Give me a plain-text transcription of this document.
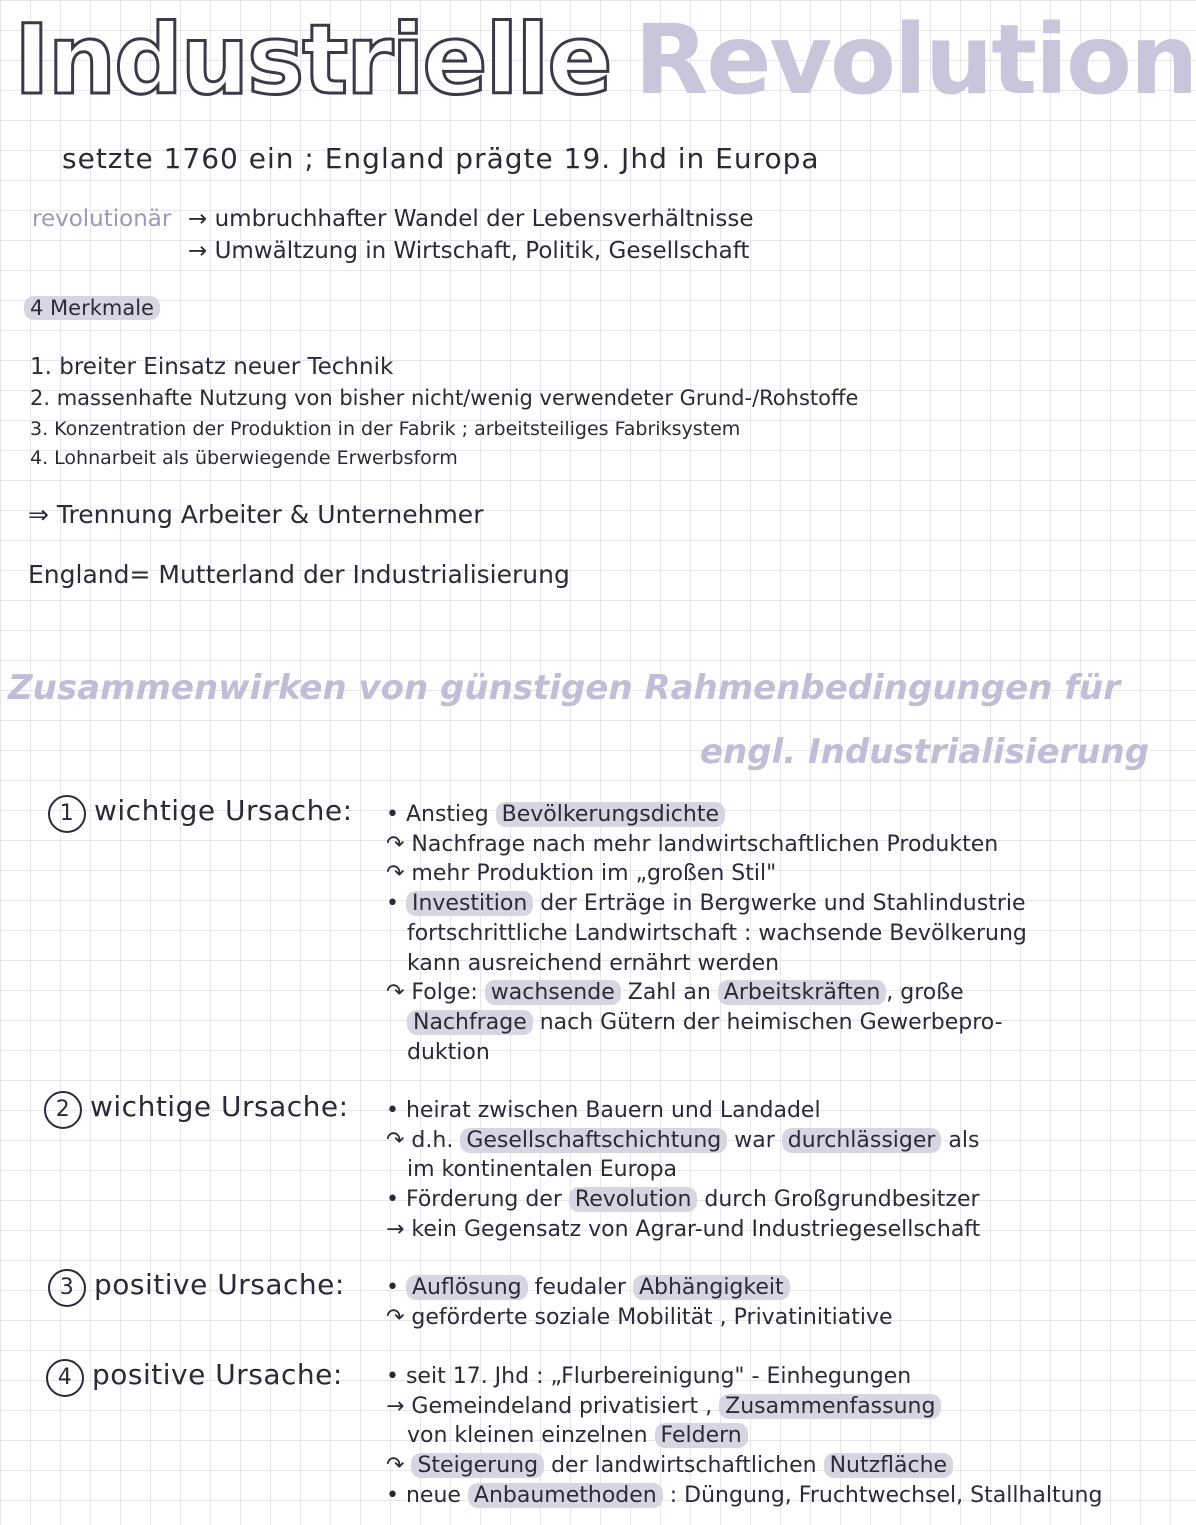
Industrielle Revolution
setzte 1760 ein ; England prägte 19. Jhd in Europa
revolutionär → umbruchhafter Wandel der Lebensverhältnisse
→ Umwältzung in Wirtschaft, Politik, Gesellschaft
4 Merkmale
1. breiter Einsatz neuer Technik
2. massenhafte Nutzung von bisher nicht/wenig verwendeter Grund-/Rohstoffe
3. Konzentration der Produktion in der Fabrik ; arbeitsteiliges Fabriksystem
4. Lohnarbeit als überwiegende Erwerbsform
⇒ Trennung Arbeiter & Unternehmer
England= Mutterland der Industrialisierung
Zusammenwirken von günstigen Rahmenbedingungen für
engl. Industrialisierung
1 wichtige Ursache: • Anstieg Bevölkerungsdichte
↷ Nachfrage nach mehr landwirtschaftlichen Produkten
↷ mehr Produktion im „großen Stil"
• Investition der Erträge in Bergwerke und Stahlindustrie
fortschrittliche Landwirtschaft : wachsende Bevölkerung
kann ausreichend ernährt werden
↷ Folge: wachsende Zahl an Arbeitskräften , große
Nachfrage nach Gütern der heimischen Gewerbepro-
duktion
2 wichtige Ursache: • heirat zwischen Bauern und Landadel
↷ d.h. Gesellschaftschichtung war durchlässiger als
im kontinentalen Europa
• Förderung der Revolution durch Großgrundbesitzer
→ kein Gegensatz von Agrar-und Industriegesellschaft
3 positive Ursache: • Auflösung feudaler Abhängigkeit
↷ geförderte soziale Mobilität , Privatinitiative
4 positive Ursache: • seit 17. Jhd : „Flurbereinigung" - Einhegungen
→ Gemeindeland privatisiert , Zusammenfassung
von kleinen einzelnen Feldern
↷ Steigerung der landwirtschaftlichen Nutzfläche
• neue Anbaumethoden : Düngung, Fruchtwechsel, Stallhaltung
